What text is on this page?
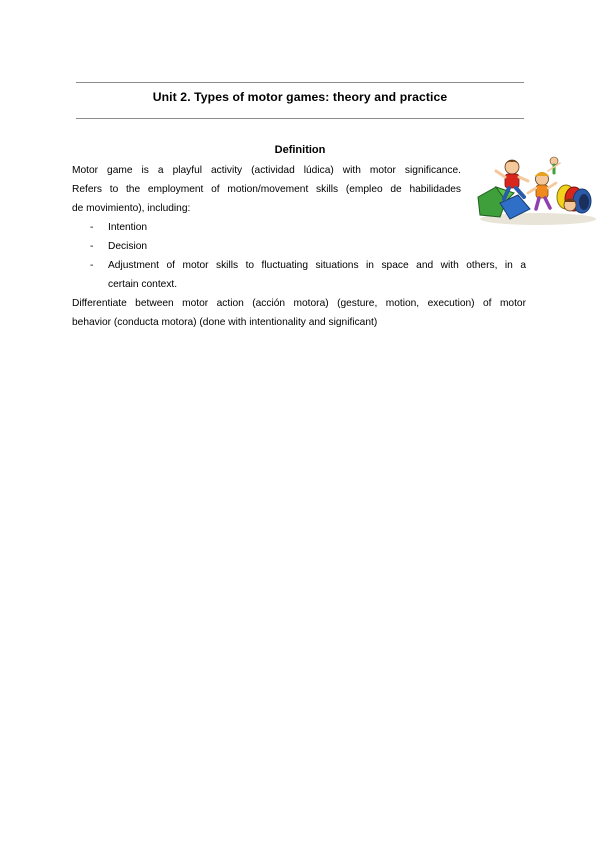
Unit 2. Types of motor games: theory and practice
Definition
Motor game is a playful activity (actividad lúdica) with motor significance.
Refers to the employment of motion/movement skills (empleo de habilidades
de movimiento), including:
- Intention
- Decision
- Adjustment of motor skills to fluctuating situations in space and with others, in a
certain context.
Differentiate between motor action (acción motora) (gesture, motion, execution) of motor
behavior (conducta motora) (done with intentionality and significant)
